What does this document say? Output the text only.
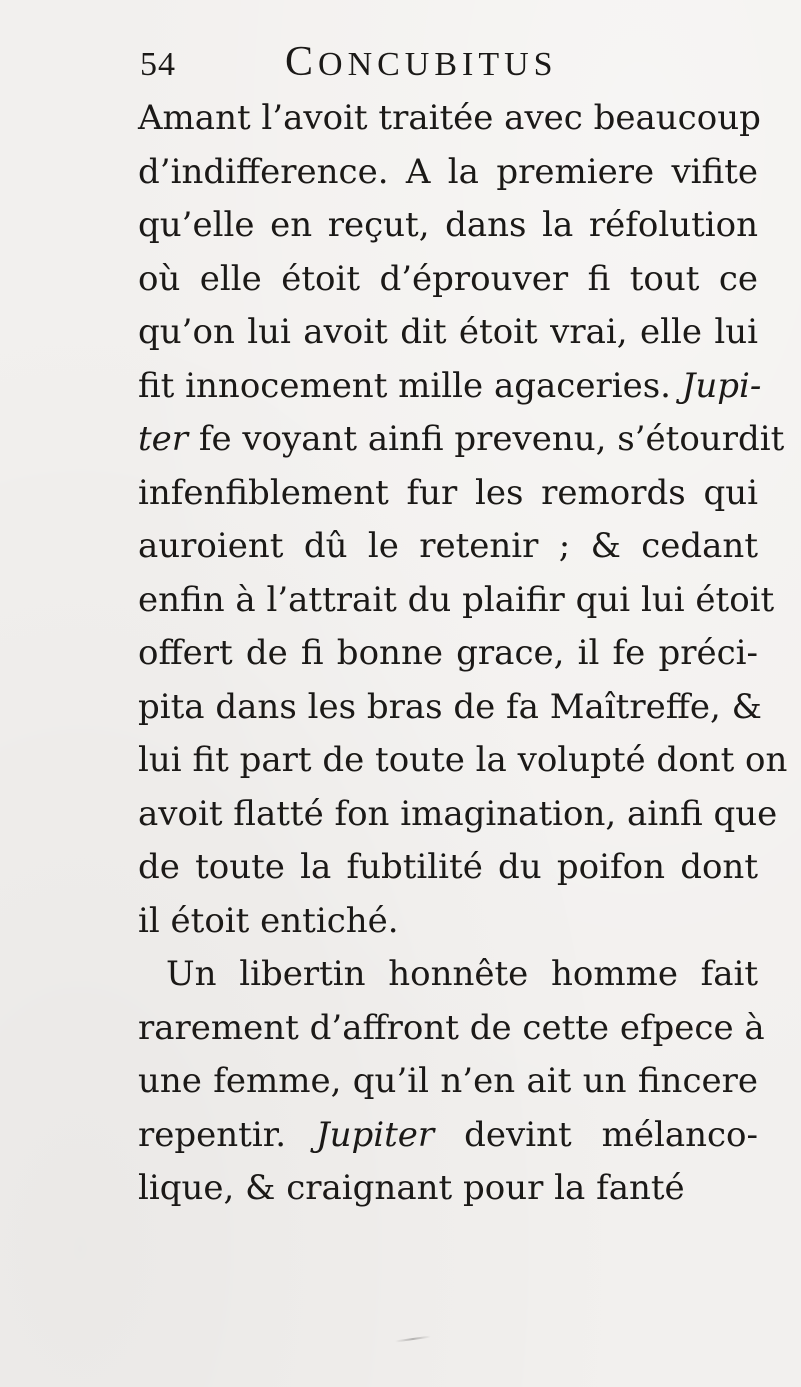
54	CONCUBITUS
Amant l’avoit traitée avec beaucoup
d’indifference. A la premiere vifite
qu’elle en reçut, dans la réfolution
où elle étoit d’éprouver fi tout ce
qu’on lui avoit dit étoit vrai, elle lui
fit innocement mille agaceries. Jupi-
ter fe voyant ainfi prevenu, s’étourdit
infenfiblement fur les remords qui
auroient dû le retenir ; & cedant
enfin à l’attrait du plaifir qui lui étoit
offert de fi bonne grace, il fe préci-
pita dans les bras de fa Maîtreffe, &
lui fit part de toute la volupté dont on
avoit flatté fon imagination, ainfi que
de toute la fubtilité du poifon dont
il étoit entiché.
Un libertin honnête homme fait
rarement d’affront de cette efpece à
une femme, qu’il n’en ait un fincere
repentir. Jupiter devint mélanco-
lique, & craignant pour la fanté
